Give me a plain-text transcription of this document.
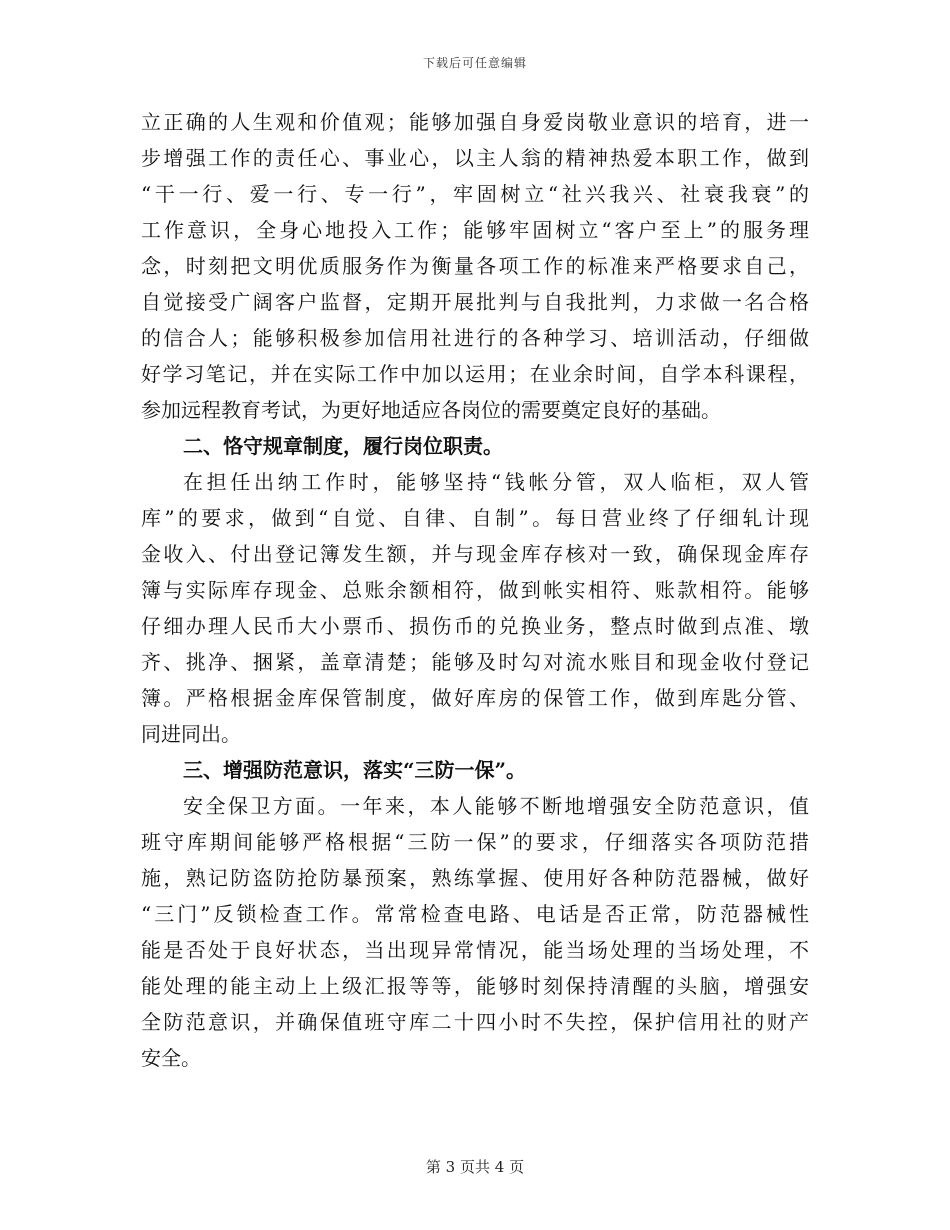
下载后可任意编辑
立正确的人生观和价值观；能够加强自身爱岗敬业意识的培育，进一
步增强工作的责任心、事业心，以主人翁的精神热爱本职工作，做到
“干一行、爱一行、专一行”，牢固树立“社兴我兴、社衰我衰”的
工作意识，全身心地投入工作；能够牢固树立“客户至上”的服务理
念，时刻把文明优质服务作为衡量各项工作的标准来严格要求自己，
自觉接受广阔客户监督，定期开展批判与自我批判，力求做一名合格
的信合人；能够积极参加信用社进行的各种学习、培训活动，仔细做
好学习笔记，并在实际工作中加以运用；在业余时间，自学本科课程，
参加远程教育考试，为更好地适应各岗位的需要奠定良好的基础。
二、恪守规章制度，履行岗位职责。
在担任出纳工作时，能够坚持“钱帐分管，双人临柜，双人管
库”的要求，做到“自觉、自律、自制”。每日营业终了仔细轧计现
金收入、付出登记簿发生额，并与现金库存核对一致，确保现金库存
簿与实际库存现金、总账余额相符，做到帐实相符、账款相符。能够
仔细办理人民币大小票币、损伤币的兑换业务，整点时做到点准、墩
齐、挑净、捆紧，盖章清楚；能够及时勾对流水账目和现金收付登记
簿。严格根据金库保管制度，做好库房的保管工作，做到库匙分管、
同进同出。
三、增强防范意识，落实“三防一保”。
安全保卫方面。一年来，本人能够不断地增强安全防范意识，值
班守库期间能够严格根据“三防一保”的要求，仔细落实各项防范措
施，熟记防盗防抢防暴预案，熟练掌握、使用好各种防范器械，做好
“三门”反锁检查工作。常常检查电路、电话是否正常，防范器械性
能是否处于良好状态，当出现异常情况，能当场处理的当场处理，不
能处理的能主动上上级汇报等等，能够时刻保持清醒的头脑，增强安
全防范意识，并确保值班守库二十四小时不失控，保护信用社的财产
安全。
第 3 页共 4 页
